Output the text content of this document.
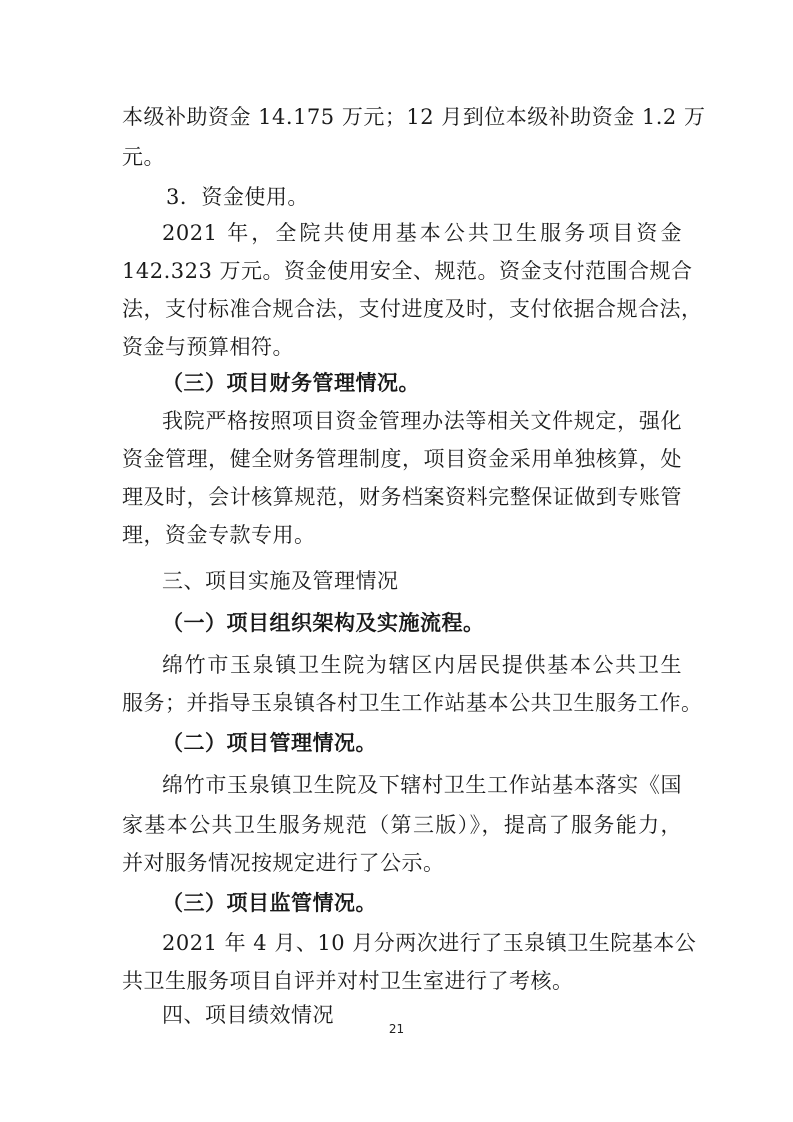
本级补助资金 14.175 万元；12 月到位本级补助资金 1.2 万
元。
3．资金使用。
2021 年，全院共使用基本公共卫生服务项目资金
142.323 万元。资金使用安全、规范。资金支付范围合规合
法，支付标准合规合法，支付进度及时，支付依据合规合法，
资金与预算相符。
（三）项目财务管理情况。
我院严格按照项目资金管理办法等相关文件规定，强化
资金管理，健全财务管理制度，项目资金采用单独核算，处
理及时，会计核算规范，财务档案资料完整保证做到专账管
理，资金专款专用。
三、项目实施及管理情况
（一）项目组织架构及实施流程。
绵竹市玉泉镇卫生院为辖区内居民提供基本公共卫生
服务；并指导玉泉镇各村卫生工作站基本公共卫生服务工作。
（二）项目管理情况。
绵竹市玉泉镇卫生院及下辖村卫生工作站基本落实《国
家基本公共卫生服务规范（第三版）》，提高了服务能力，
并对服务情况按规定进行了公示。
（三）项目监管情况。
2021 年 4 月、10 月分两次进行了玉泉镇卫生院基本公
共卫生服务项目自评并对村卫生室进行了考核。
四、项目绩效情况
21
